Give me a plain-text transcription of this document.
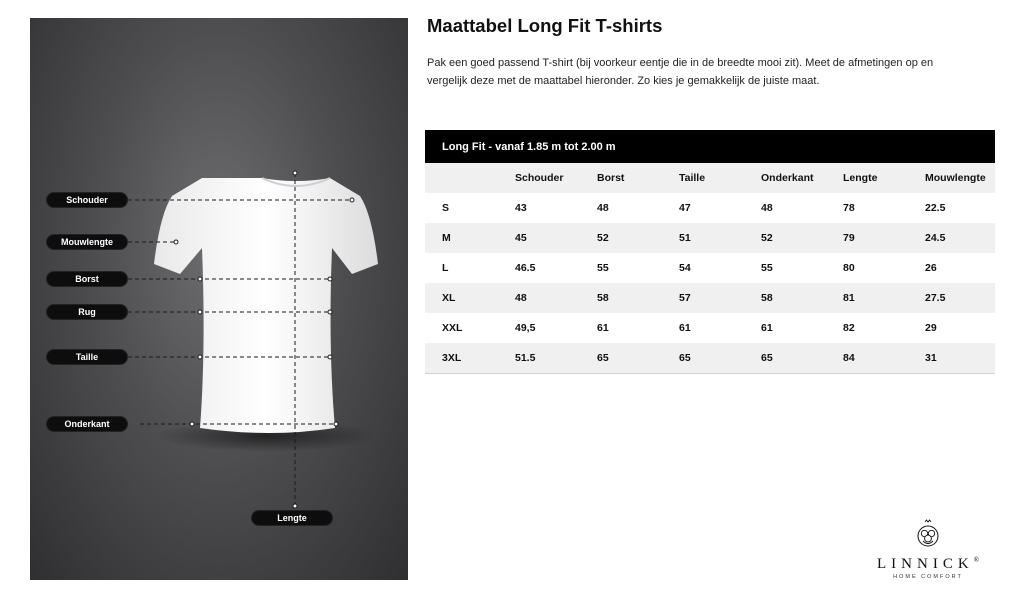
Schouder
Mouwlengte
Borst
Rug
Taille
Onderkant
Lengte
Maattabel Long Fit T-shirts

Pak een goed passend T-shirt (bij voorkeur eentje die in de breedte mooi zit). Meet de afmetingen op en vergelijk deze met de maattabel hieronder. Zo kies je gemakkelijk de juiste maat.

Long Fit - vanaf 1.85 m tot 2.00 m						
	Schouder	Borst	Taille	Onderkant	Lengte	Mouwlengte
S	43	48	47	48	78	22.5
M	45	52	51	52	79	24.5
L	46.5	55	54	55	80	26
XL	48	58	57	58	81	27.5
XXL	49,5	61	61	61	82	29
3XL	51.5	65	65	65	84	31
LINNICK®
HOME COMFORT
